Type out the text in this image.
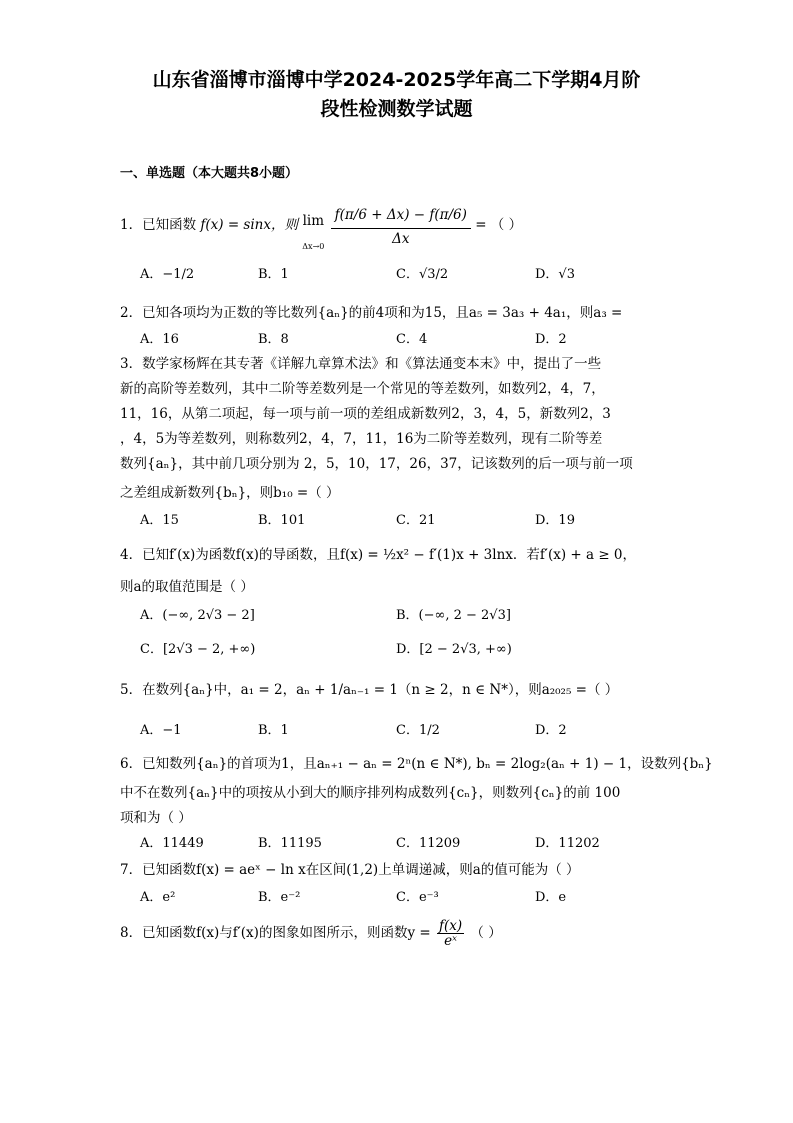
山东省淄博市淄博中学2024-2025学年高二下学期4月阶
段性检测数学试题
一、单选题（本大题共8小题）
1．已知函数 f(x) = sinx，则 lim
Δx→0
$\frac{f(\pi/6 + \Delta x) - f(\pi/6)}{\Delta x}$ = （ ）
A．−1/2	B．1	C．√3/2	D．√3
2．已知各项均为正数的等比数列{aₙ}的前4项和为15，且a₅ = 3a₃ + 4a₁，则a₃ =
A．16	B．8	C．4	D．2
3．数学家杨辉在其专著《详解九章算术法》和《算法通变本末》中，提出了一些
新的高阶等差数列，其中二阶等差数列是一个常见的等差数列，如数列2，4，7，
11，16，从第二项起，每一项与前一项的差组成新数列2，3，4，5，新数列2，3
，4，5为等差数列，则称数列2，4，7，11，16为二阶等差数列，现有二阶等差
数列{aₙ}，其中前几项分别为 2，5，10，17，26，37，记该数列的后一项与前一项
之差组成新数列{bₙ}，则b₁₀ =（ ）
A．15	B．101	C．21	D．19
4．已知f′(x)为函数f(x)的导函数，且f(x) = ½x² − f′(1)x + 3lnx．若f′(x) + a ≥ 0，
则a的取值范围是（ ）
A．(−∞, 2√3 − 2]	B．(−∞, 2 − 2√3]
C．[2√3 − 2, +∞)	D．[2 − 2√3, +∞)
5．在数列{aₙ}中，a₁ = 2，aₙ + 1/aₙ₋₁ = 1（n ≥ 2，n ∈ N*），则a₂₀₂₅ =（ ）
A．−1	B．1	C．1/2	D．2
6．已知数列{aₙ}的首项为1，且aₙ₊₁ − aₙ = 2ⁿ(n ∈ N*), bₙ = 2log₂(aₙ + 1) − 1，设数列{bₙ}
中不在数列{aₙ}中的项按从小到大的顺序排列构成数列{cₙ}，则数列{cₙ}的前 100
项和为（ ）
A．11449	B．11195	C．11209	D．11202
7．已知函数f(x) = aeˣ − ln x在区间(1,2)上单调递减，则a的值可能为（ ）
A．e²	B．e⁻²	C．e⁻³	D．e
8．已知函数f(x)与f′(x)的图象如图所示，则函数$y = \frac{f(x)}{\text{eˣ}}$ （ ）
